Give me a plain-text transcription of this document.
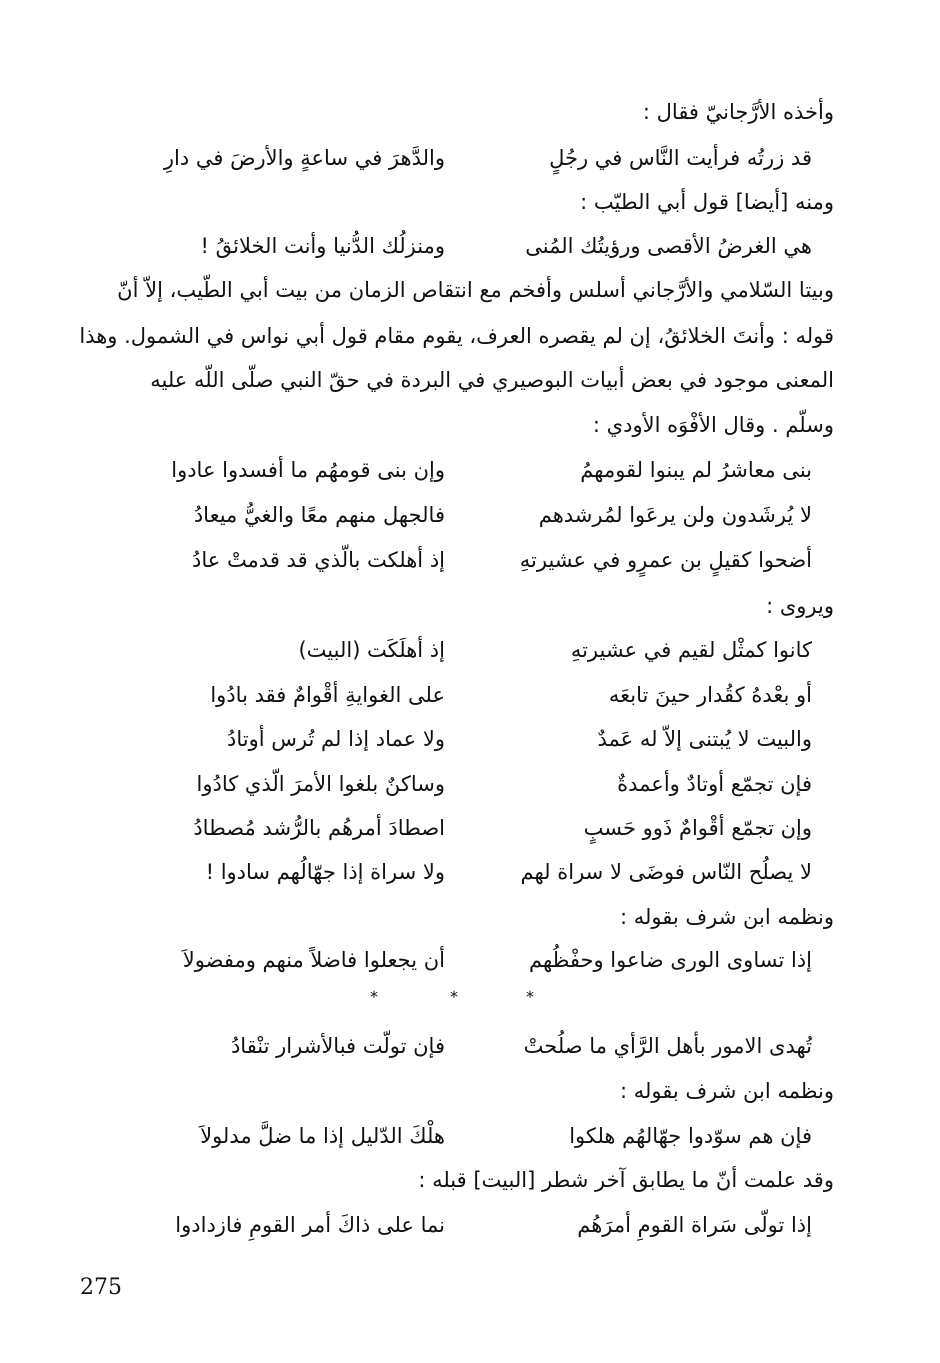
وأخذه الأرَّجانيّ فقال :
قد زرتُه فرأيت النَّاس في رجُلٍ
والدَّهرَ في ساعةٍ والأرضَ في دارِ
ومنه [أيضا] قول أبي الطيّب :
هي الغرضُ الأقصى ورؤيتُك المُنى
ومنزلُك الدُّنيا وأنت الخلائقُ !
وبيتا السّلامي والأرَّجاني أسلس وأفخم مع انتقاص الزمان من بيت أبي الطّيب، إلاّ أنّ
قوله : وأنتَ الخلائقُ، إن لم يقصره العرف، يقوم مقام قول أبي نواس في الشمول. وهذا
المعنى موجود في بعض أبيات البوصيري في البردة في حقّ النبي صلّى اللّه عليه
وسلّم . وقال الأفْوَه الأودي :
بنى معاشرُ لم يبنوا لقومهمُ
وإن بنى قومهُم ما أفسدوا عادوا
لا يُرشَدون ولن يرعَوا لمُرشدهم
فالجهل منهم معًا والغيُّ ميعادُ
أضحوا كقيلٍ بن عمرٍو في عشيرتهِ
إذ أهلكت بالّذي قد قدمتْ عادُ
ويروى :
كانوا كمثْل لقيم في عشيرتهِ
إذ أهلَكَت (البيت)
أو بعْدهُ كقُدار حينَ تابعَه
على الغوايةِ أقْوامٌ فقد بادُوا
والبيت لا يُبتنى إلاّ له عَمدٌ
ولا عماد إذا لم تُرس أوتادُ
فإن تجمّع أوتادٌ وأعمدةٌ
وساكنٌ بلغوا الأمرَ الّذي كادُوا
وإن تجمّع أقْوامٌ ذَوو حَسبٍ
اصطادَ أمرهُم بالرُّشد مُصطادُ
لا يصلُح النّاس فوضَى لا سراة لهم
ولا سراة إذا جهّالُهم سادوا !
ونظمه ابن شرف بقوله :
إذا تساوى الورى ضاعوا وحفْظُهم
أن يجعلوا فاضلاً منهم ومفضولاَ
*	*	*
تُهدى الامور بأهل الرَّأي ما صلُحتْ
فإن تولّت فبالأشرار تنْقادُ
ونظمه ابن شرف بقوله :
فإن هم سوّدوا جهّالهُم هلكوا
هلْكَ الدّليل إذا ما ضلَّ مدلولاَ
وقد علمت أنّ ما يطابق آخر شطر [البيت] قبله :
إذا تولّى سَراة القومِ أمرَهُم
نما على ذاكَ أمر القومِ فازدادوا
275
